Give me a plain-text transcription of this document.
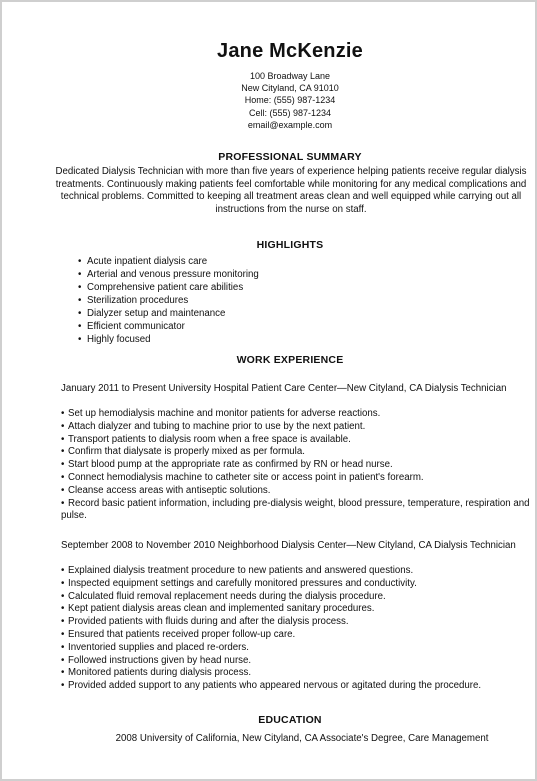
Jane McKenzie
100 Broadway Lane
New Cityland, CA 91010
Home: (555) 987-1234
Cell: (555) 987-1234
email@example.com
PROFESSIONAL SUMMARY
Dedicated Dialysis Technician with more than five years of experience helping patients receive regular dialysis treatments. Continuously making patients feel comfortable while monitoring for any medical complications and technical problems. Committed to keeping all treatment areas clean and well equipped while carrying out all instructions from the nurse on staff.
HIGHLIGHTS
• Acute inpatient dialysis care
• Arterial and venous pressure monitoring
• Comprehensive patient care abilities
• Sterilization procedures
• Dialyzer setup and maintenance
• Efficient communicator
• Highly focused
WORK EXPERIENCE
January 2011 to Present University Hospital Patient Care Center—New Cityland, CA Dialysis Technician
• Set up hemodialysis machine and monitor patients for adverse reactions.
• Attach dialyzer and tubing to machine prior to use by the next patient.
• Transport patients to dialysis room when a free space is available.
• Confirm that dialysate is properly mixed as per formula.
• Start blood pump at the appropriate rate as confirmed by RN or head nurse.
• Connect hemodialysis machine to catheter site or access point in patient's forearm.
• Cleanse access areas with antiseptic solutions.
• Record basic patient information, including pre-dialysis weight, blood pressure, temperature, respiration and pulse.
September 2008 to November 2010 Neighborhood Dialysis Center—New Cityland, CA Dialysis Technician
• Explained dialysis treatment procedure to new patients and answered questions.
• Inspected equipment settings and carefully monitored pressures and conductivity.
• Calculated fluid removal replacement needs during the dialysis procedure.
• Kept patient dialysis areas clean and implemented sanitary procedures.
• Provided patients with fluids during and after the dialysis process.
• Ensured that patients received proper follow-up care.
• Inventoried supplies and placed re-orders.
• Followed instructions given by head nurse.
• Monitored patients during dialysis process.
• Provided added support to any patients who appeared nervous or agitated during the procedure.
EDUCATION
2008 University of California, New Cityland, CA Associate's Degree, Care Management
